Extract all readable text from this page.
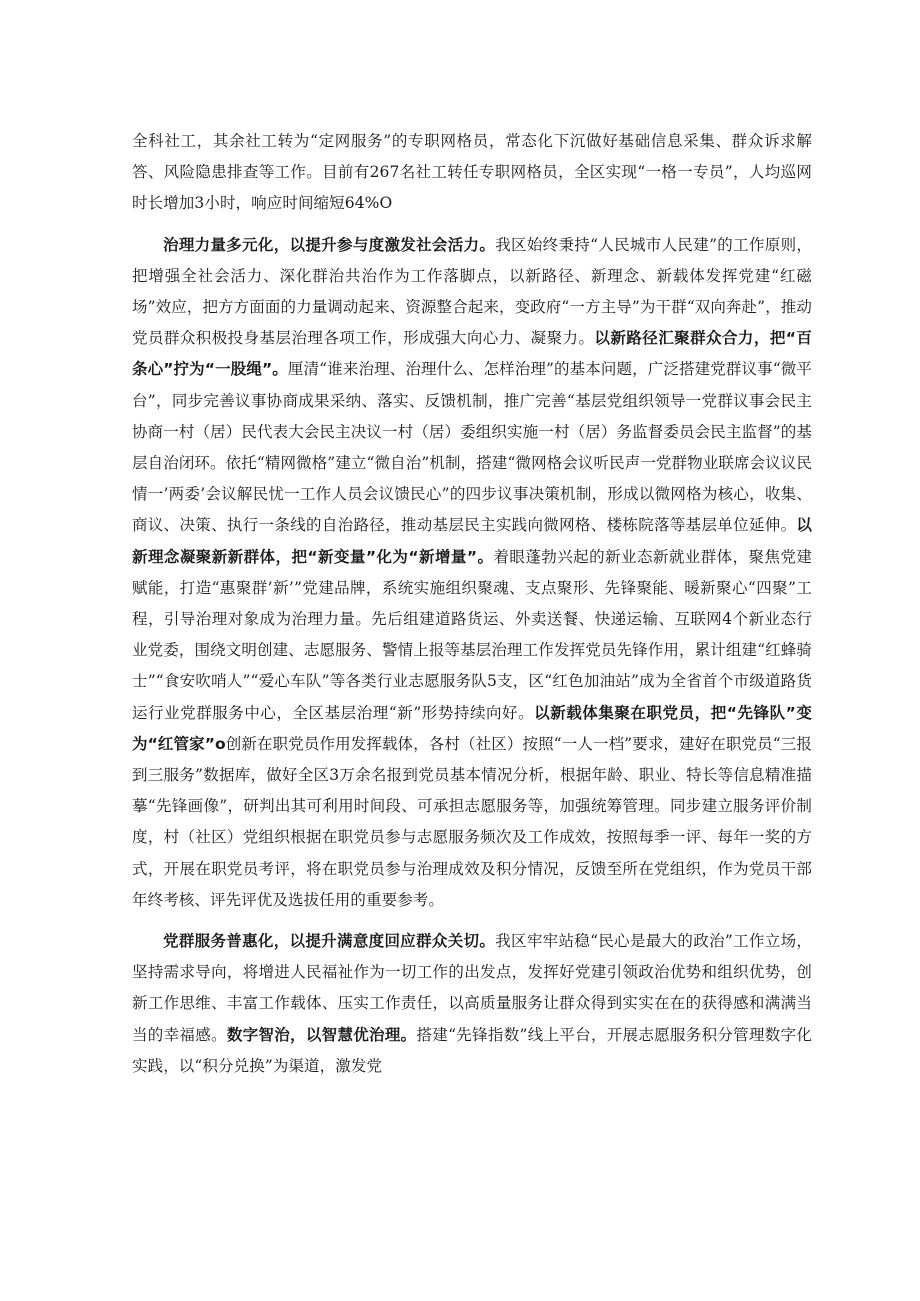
全科社工，其余社工转为“定网服务”的专职网格员，常态化下沉做好基础信息采集、群众诉求解答、风险隐患排查等工作。目前有267名社工转任专职网格员，全区实现“一格一专员”，人均巡网时长增加3小时，响应时间缩短64%O

治理力量多元化，以提升参与度激发社会活力。我区始终秉持“人民城市人民建”的工作原则，把增强全社会活力、深化群治共治作为工作落脚点，以新路径、新理念、新载体发挥党建“红磁场”效应，把方方面面的力量调动起来、资源整合起来，变政府“一方主导”为干群“双向奔赴”，推动党员群众积极投身基层治理各项工作，形成强大向心力、凝聚力。以新路径汇聚群众合力，把“百条心”拧为“一股绳”。厘清“谁来治理、治理什么、怎样治理”的基本问题，广泛搭建党群议事“微平台”，同步完善议事协商成果采纳、落实、反馈机制，推广完善“基层党组织领导一党群议事会民主协商一村（居）民代表大会民主决议一村（居）委组织实施一村（居）务监督委员会民主监督”的基层自治闭环。依托“精网微格”建立“微自治”机制，搭建“微网格会议听民声一党群物业联席会议议民情一’两委’会议解民忧一工作人员会议馈民心”的四步议事决策机制，形成以微网格为核心，收集、商议、决策、执行一条线的自治路径，推动基层民主实践向微网格、楼栋院落等基层单位延伸。以新理念凝聚新新群体，把“新变量”化为“新增量”。着眼蓬勃兴起的新业态新就业群体，聚焦党建赋能，打造“惠聚群’新’”党建品牌，系统实施组织聚魂、支点聚形、先锋聚能、暖新聚心“四聚”工程，引导治理对象成为治理力量。先后组建道路货运、外卖送餐、快递运输、互联网4个新业态行业党委，围绕文明创建、志愿服务、警情上报等基层治理工作发挥党员先锋作用，累计组建“红蜂骑士”“食安吹哨人”“爱心车队”等各类行业志愿服务队5支，区“红色加油站”成为全省首个市级道路货运行业党群服务中心，全区基层治理“新”形势持续向好。以新载体集聚在职党员，把“先锋队”变为“红管家”o创新在职党员作用发挥载体，各村（社区）按照“一人一档”要求，建好在职党员“三报到三服务”数据库，做好全区3万余名报到党员基本情况分析，根据年龄、职业、特长等信息精准描摹“先锋画像”，研判出其可利用时间段、可承担志愿服务等，加强统筹管理。同步建立服务评价制度，村（社区）党组织根据在职党员参与志愿服务频次及工作成效，按照每季一评、每年一奖的方式，开展在职党员考评，将在职党员参与治理成效及积分情况，反馈至所在党组织，作为党员干部年终考核、评先评优及选拔任用的重要参考。

党群服务普惠化，以提升满意度回应群众关切。我区牢牢站稳“民心是最大的政治”工作立场，坚持需求导向，将增进人民福祉作为一切工作的出发点，发挥好党建引领政治优势和组织优势，创新工作思维、丰富工作载体、压实工作责任，以高质量服务让群众得到实实在在的获得感和满满当当的幸福感。数字智治，以智慧优治理。搭建“先锋指数”线上平台，开展志愿服务积分管理数字化实践，以“积分兑换”为渠道，激发党
